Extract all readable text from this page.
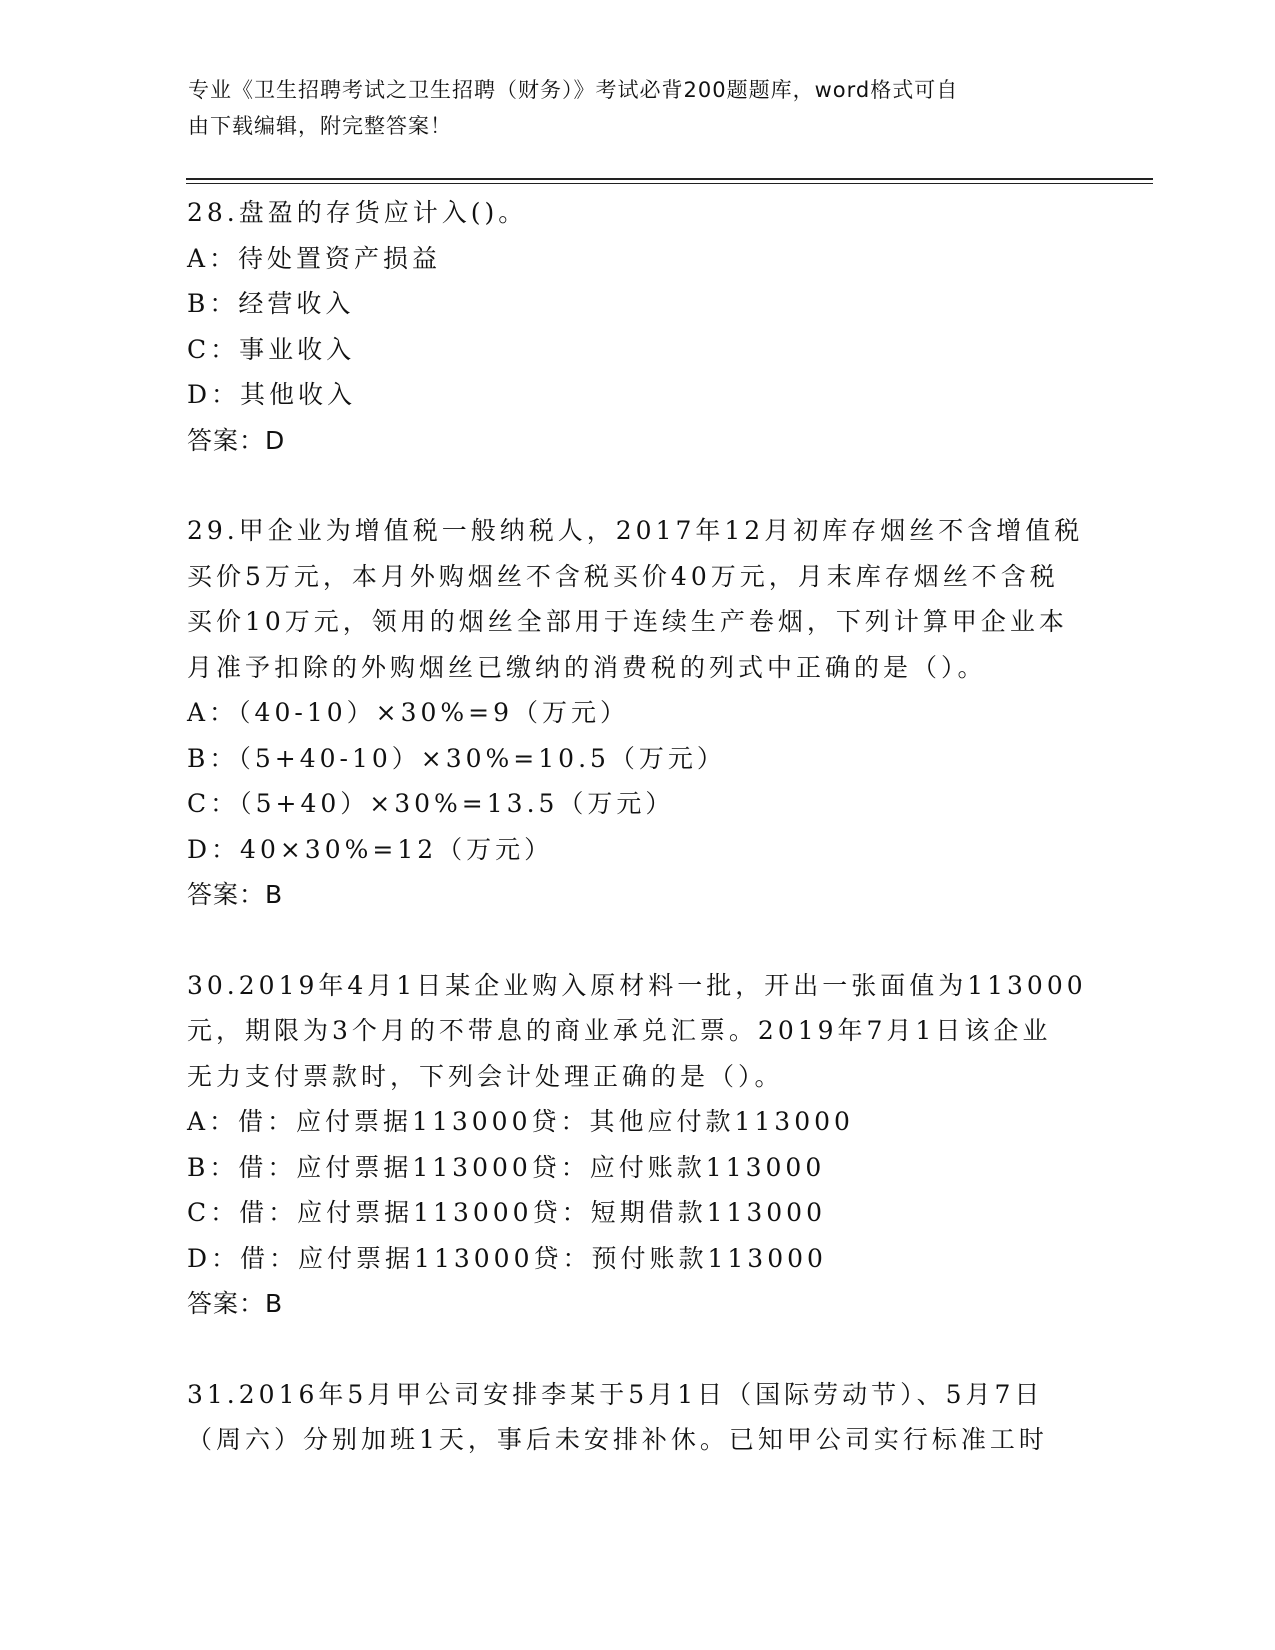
专业《卫生招聘考试之卫生招聘（财务）》考试必背200题题库，word格式可自
由下载编辑，附完整答案！
28.盘盈的存货应计入()。
A：待处置资产损益
B：经营收入
C：事业收入
D：其他收入
答案：D
29.甲企业为增值税一般纳税人，2017年12月初库存烟丝不含增值税
买价5万元，本月外购烟丝不含税买价40万元，月末库存烟丝不含税
买价10万元，领用的烟丝全部用于连续生产卷烟，下列计算甲企业本
月准予扣除的外购烟丝已缴纳的消费税的列式中正确的是（）。
A：（40-10）×30%=9（万元）
B：（5+40-10）×30%=10.5（万元）
C：（5+40）×30%=13.5（万元）
D：40×30%=12（万元）
答案：B
30.2019年4月1日某企业购入原材料一批，开出一张面值为113000
元，期限为3个月的不带息的商业承兑汇票。2019年7月1日该企业
无力支付票款时，下列会计处理正确的是（）。
A：借：应付票据113000贷：其他应付款113000
B：借：应付票据113000贷：应付账款113000
C：借：应付票据113000贷：短期借款113000
D：借：应付票据113000贷：预付账款113000
答案：B
31.2016年5月甲公司安排李某于5月1日（国际劳动节）、5月7日
（周六）分别加班1天，事后未安排补休。已知甲公司实行标准工时
